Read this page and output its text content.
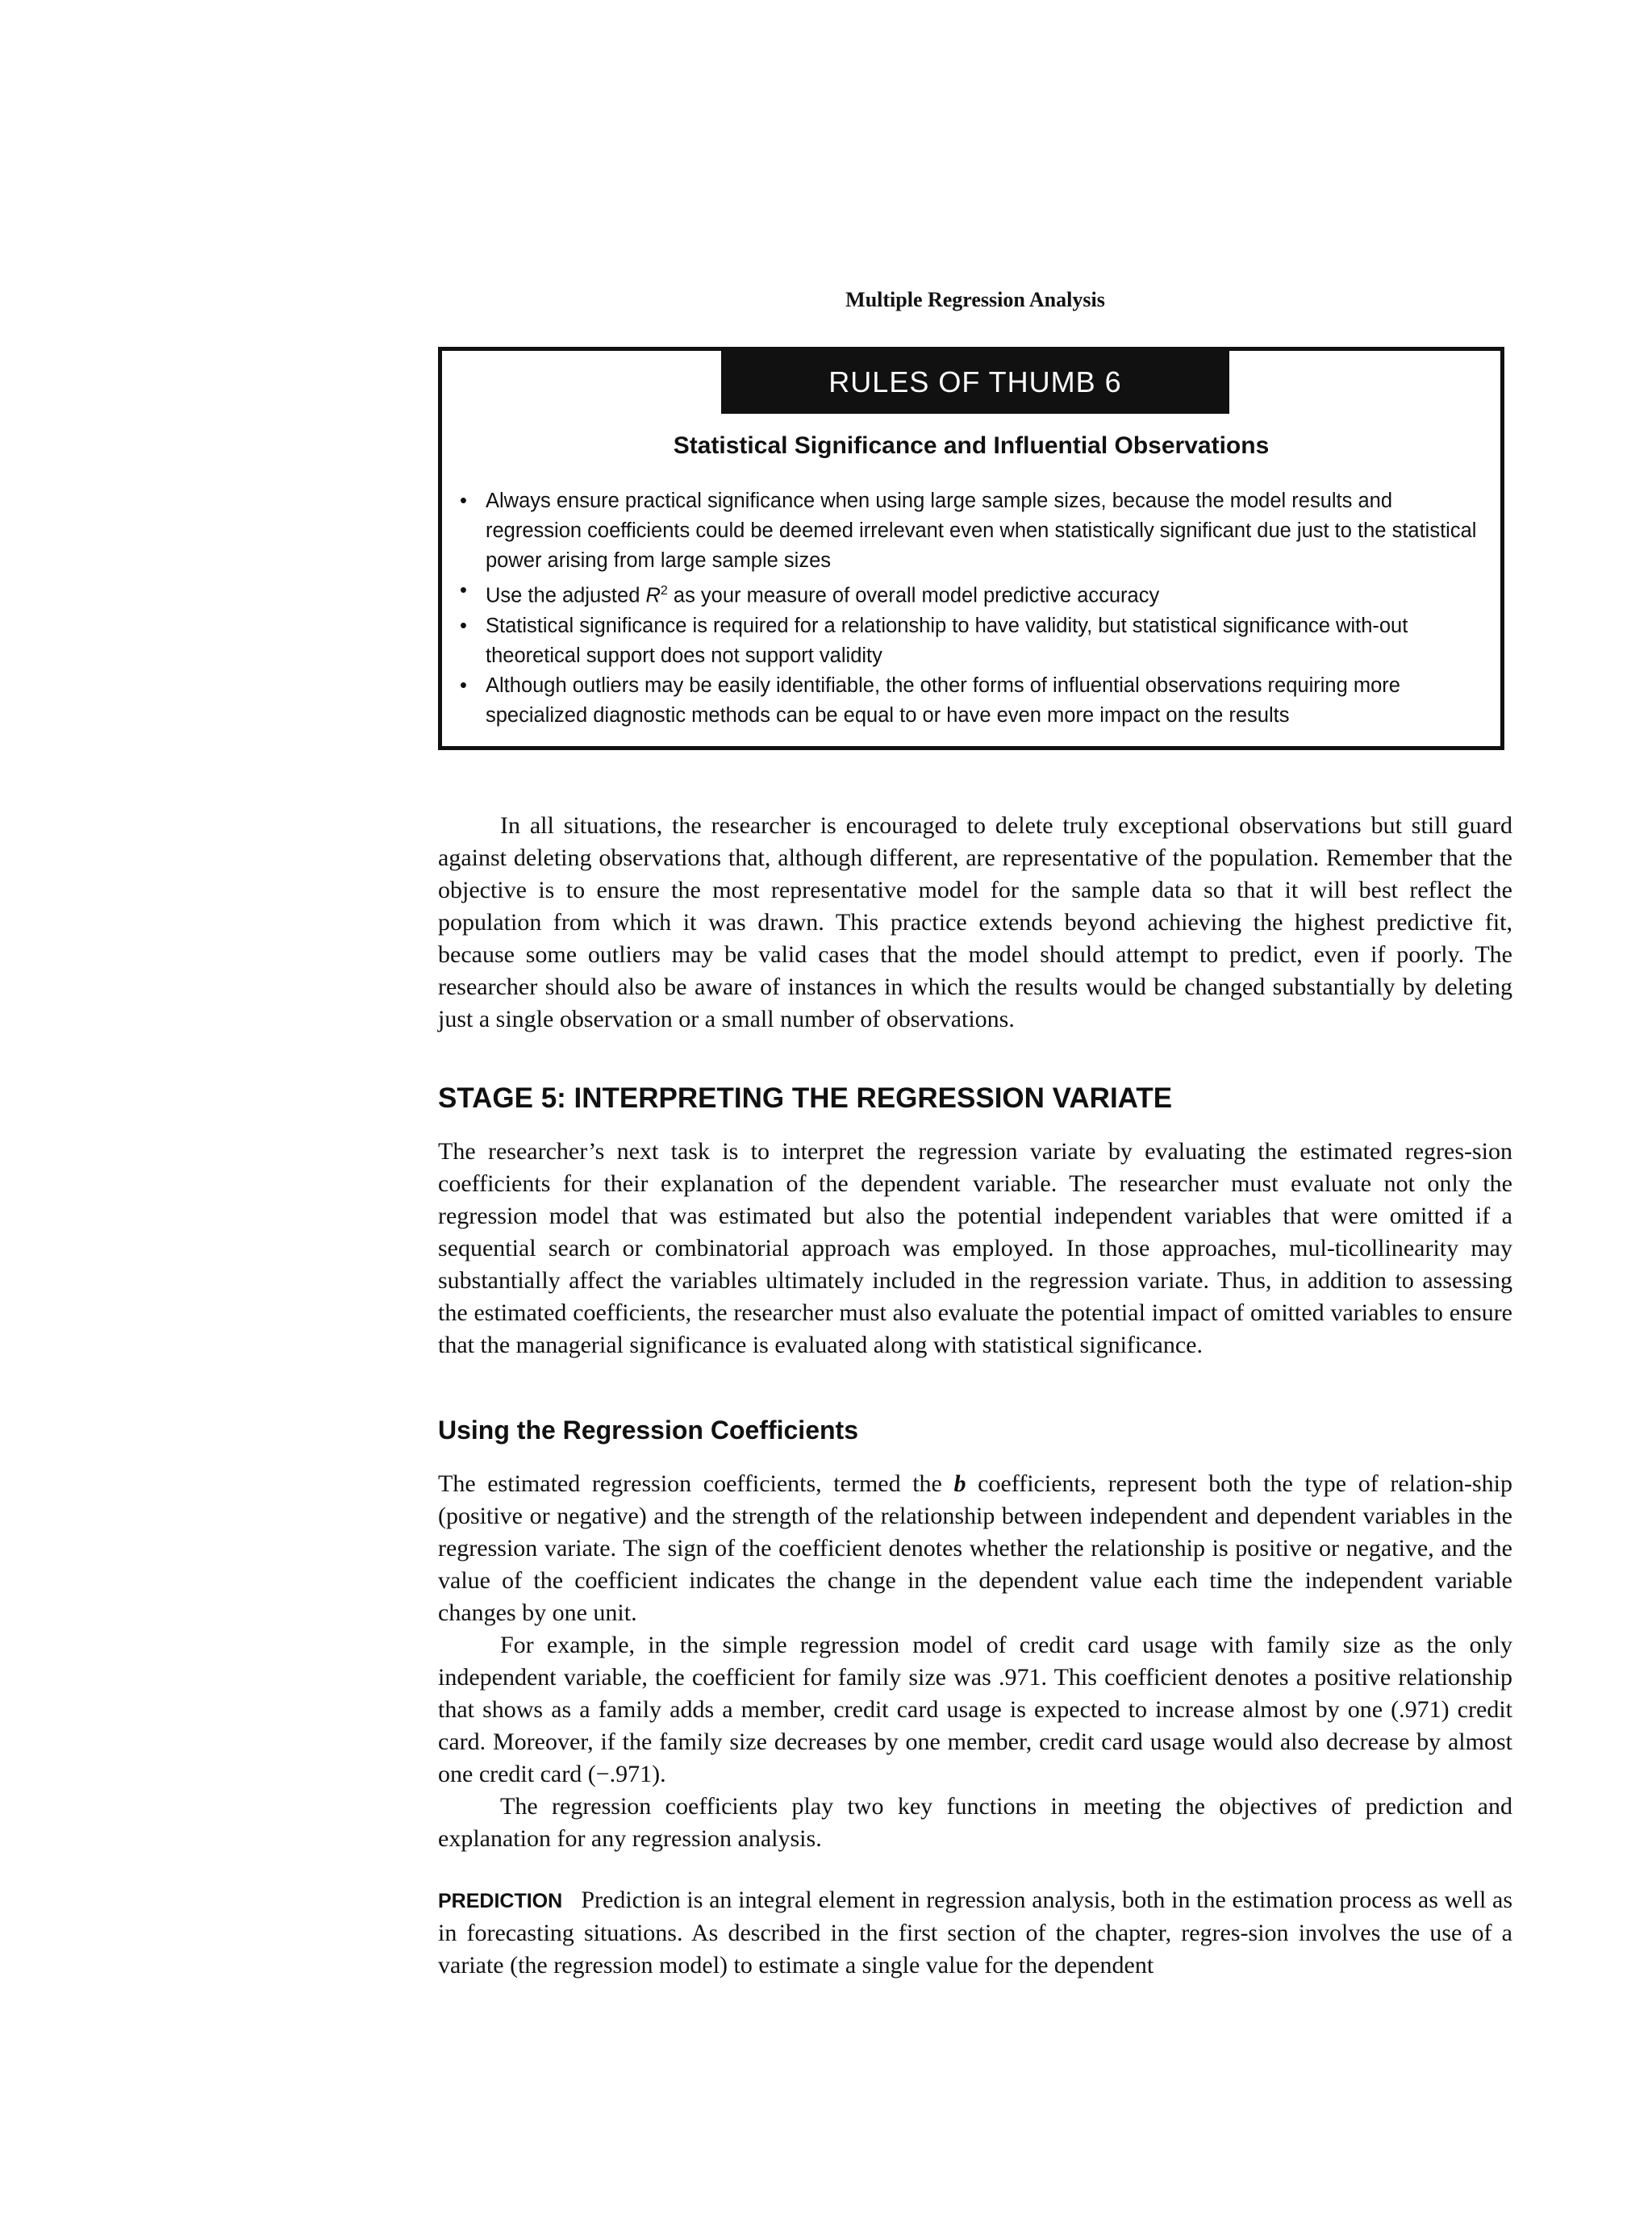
Multiple Regression Analysis
RULES OF THUMB 6
Statistical Significance and Influential Observations
• Always ensure practical significance when using large sample sizes, because the model results and regression coefficients could be deemed irrelevant even when statistically significant due just to the statistical power arising from large sample sizes
• Use the adjusted $R^2$ as your measure of overall model predictive accuracy
• Statistical significance is required for a relationship to have validity, but statistical significance with-out theoretical support does not support validity
• Although outliers may be easily identifiable, the other forms of influential observations requiring more specialized diagnostic methods can be equal to or have even more impact on the results

In all situations, the researcher is encouraged to delete truly exceptional observations but still guard against deleting observations that, although different, are representative of the population. Remember that the objective is to ensure the most representative model for the sample data so that it will best reflect the population from which it was drawn. This practice extends beyond achieving the highest predictive fit, because some outliers may be valid cases that the model should attempt to predict, even if poorly. The researcher should also be aware of instances in which the results would be changed substantially by deleting just a single observation or a small number of observations.

STAGE 5: INTERPRETING THE REGRESSION VARIATE

The researcher’s next task is to interpret the regression variate by evaluating the estimated regres-sion coefficients for their explanation of the dependent variable. The researcher must evaluate not only the regression model that was estimated but also the potential independent variables that were omitted if a sequential search or combinatorial approach was employed. In those approaches, mul-ticollinearity may substantially affect the variables ultimately included in the regression variate. Thus, in addition to assessing the estimated coefficients, the researcher must also evaluate the potential impact of omitted variables to ensure that the managerial significance is evaluated along with statistical significance.

Using the Regression Coefficients

The estimated regression coefficients, termed the b coefficients, represent both the type of relation-ship (positive or negative) and the strength of the relationship between independent and dependent variables in the regression variate. The sign of the coefficient denotes whether the relationship is positive or negative, and the value of the coefficient indicates the change in the dependent value each time the independent variable changes by one unit.

For example, in the simple regression model of credit card usage with family size as the only independent variable, the coefficient for family size was .971. This coefficient denotes a positive relationship that shows as a family adds a member, credit card usage is expected to increase almost by one (.971) credit card. Moreover, if the family size decreases by one member, credit card usage would also decrease by almost one credit card (−.971).

The regression coefficients play two key functions in meeting the objectives of prediction and explanation for any regression analysis.

PREDICTION Prediction is an integral element in regression analysis, both in the estimation process as well as in forecasting situations. As described in the first section of the chapter, regres-sion involves the use of a variate (the regression model) to estimate a single value for the dependent
